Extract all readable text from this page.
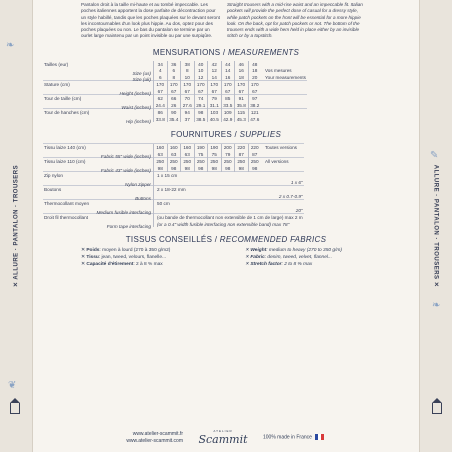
❧
✕ ALLURE · PANTALON · TROUSERS
❦
Pantalon droit à la taille mi-haute et au tombé impeccable. Les poches italiennes apportent la dose parfaite de décontraction pour un style habillé, tandis que les poches plaquées sur le devant seront les incontournables d'un look plus hippie. Au dos, optez pour des poches plaquées ou non. Le bas du pantalon se termine par un ourlet large maintenu par un point invisible ou par une surpiqûre.
Straight trousers with a mid-rise waist and an impeccable fit. Italian pockets will provide the perfect dose of casual for a dressy style, while patch pockets on the front will be essential for a more hippie look. On the back, opt for patch pockets or not. The bottom of the trousers ends with a wide hem held in place either by an invisible stitch or by a topstitch.
MENSURATIONS / MEASUREMENTS
Tailles (eur)	34	36	38	40	42	44	46	48	

Size (us)	4	6	8	10	12	14	16	18	Vos mesures

Size (uk)	6	8	10	12	14	16	18	20	Your measurements
Stature (cm)	170	170	170	170	170	170	170	170	

Height (inches)	67	67	67	67	67	67	67	67	
Tour de taille (cm)	62	66	70	74	79	85	91	97	

Waist (inches)	24.4	26	27.6	29.1	31.1	33.5	35.8	38.2	
Tour de hanches (cm)	86	90	94	98	103	109	115	121	

Hip (inches)	33.8	35.4	37	38.5	40.5	42.9	45.3	47.6	
FOURNITURES / SUPPLIES
Tissu laize 140 (cm)	160	160	160	190	190	200	220	220	Toutes versions

Fabric 55" wide (inches)	63	63	63	75	75	79	87	87	
Tissu laize 110 (cm)	250	250	250	250	250	250	250	250	All versions

Fabric 43" wide (inches)	98	98	98	98	98	98	98	98	
Zip nylon	1 x 15 cm								

Nylon zipper	1 x 6"								
Boutons	2 x 18-22 mm								

Buttons	2 x 0.7-0.9"								
Thermocollant moyen	50 cm								

Medium fusible interfacing	20"								
Droit fil thermocollant	(ou bande de thermocollant non extensible de 1 cm de large) max 2 m								

Form tape interfacing	(or a 0.4" width fusible interfacing non extensible band) max 78"								
TISSUS CONSEILLÉS / RECOMMENDED FABRICS
✕ Poids: moyen à lourd (270 à 350 g/m2)
✕ Tissu: jean, tweed, velours, flanelle...
✕ Capacité d'étirement: 2 à 8 % max
✕ Weight: medium to heavy (270 to 350 g/m)
✕ Fabric: denim, tweed, velvet, flannel...
✕ Stretch factor: 2 to 8 % max
www.atelier-scammit.fr
www.atelier-scammit.com
ATELIER
Scammit	100% made in France
✎
ALLURE · PANTALON · TROUSERS ✕
❧
